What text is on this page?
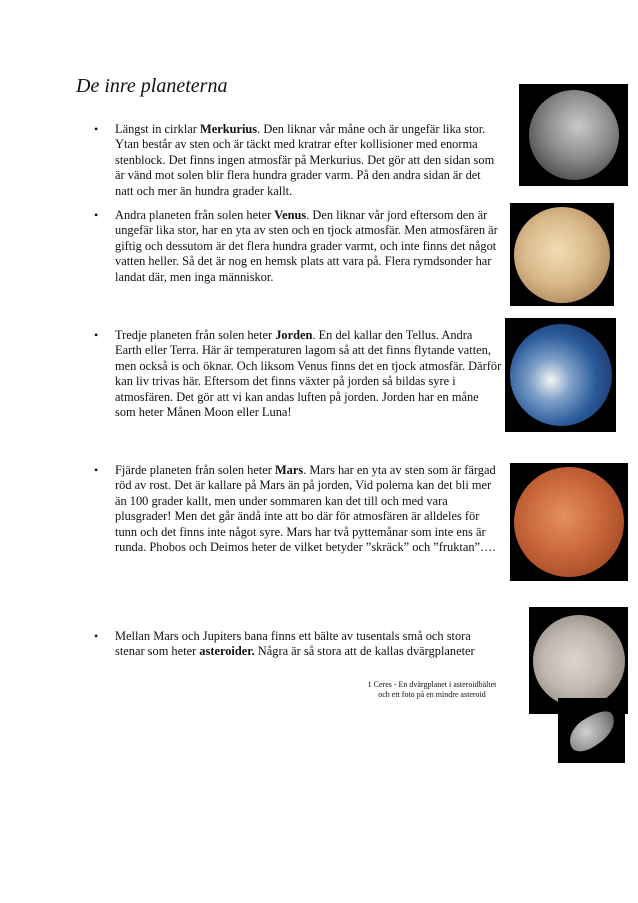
De inre planeterna
•	Längst in cirklar Merkurius. Den liknar vår måne och är ungefär lika stor. Ytan består av sten och är täckt med kratrar efter kollisioner med enorma stenblock. Det finns ingen atmosfär på Merkurius. Det gör att den sidan som är vänd mot solen blir flera hundra grader varm. På den andra sidan är det natt och mer än hundra grader kallt.
•	Andra planeten från solen heter Venus. Den liknar vår jord eftersom den är ungefär lika stor, har en yta av sten och en tjock atmosfär. Men atmosfären är giftig och dessutom är det flera hundra grader varmt, och inte finns det något vatten heller. Så det är nog en hemsk plats att vara på. Flera rymdsonder har landat där, men inga människor.
•	Tredje planeten från solen heter Jorden. En del kallar den Tellus. Andra Earth eller Terra. Här är temperaturen lagom så att det finns flytande vatten, men också is och öknar. Och liksom Venus finns det en tjock atmosfär. Därför kan liv trivas här. Eftersom det finns växter på jorden så bildas syre i atmosfären. Det gör att vi kan andas luften på jorden. Jorden har en måne som heter Månen Moon eller Luna!
•	Fjärde planeten från solen heter Mars. Mars har en yta av sten som är färgad röd av rost. Det är kallare på Mars än på jorden, Vid polerna kan det bli mer än 100 grader kallt, men under sommaren kan det till och med vara plusgrader! Men det går ändå inte att bo där för atmosfären är alldeles för tunn och det finns inte något syre. Mars har två pyttemånar som inte ens är runda. Phobos och Deimos heter de vilket betyder ”skräck” och ”fruktan”….
•	Mellan Mars och Jupiters bana finns ett bälte av tusentals små och stora stenar som heter asteroider. Några är så stora att de kallas dvärgplaneter
1 Ceres - En dvärgplanet i asteroidbältet
och ett foto på en mindre asteroid
